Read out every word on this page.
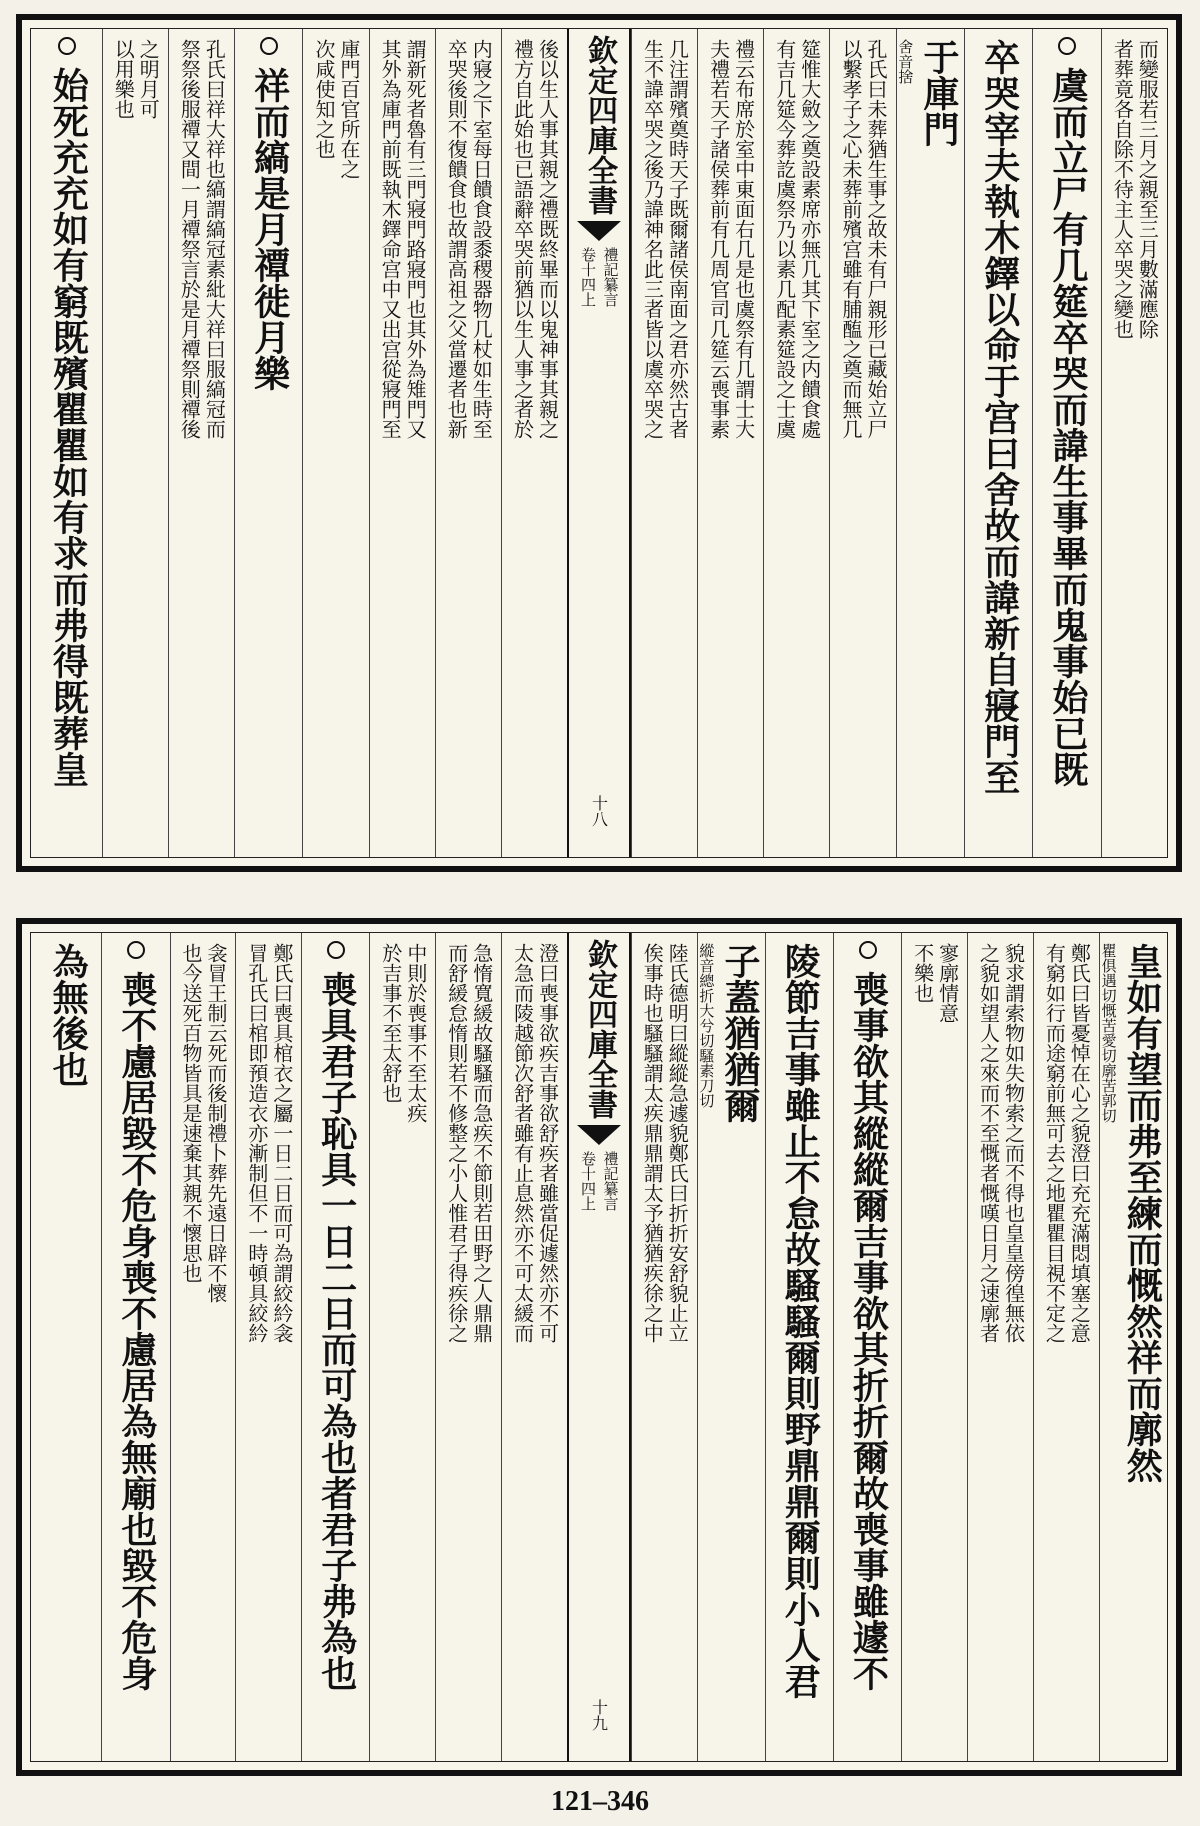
而變服若三月之親至三月數滿應除
者葬竟各自除不待主人卒哭之變也
虞而立尸有几筵卒哭而諱生事畢而鬼事始已既
卒哭宰夫執木鐸以命于宫曰舍故而諱新自寢門至
于庫門
舍音捨
孔氏曰未葬猶生事之故未有尸親形已藏始立尸
以繫孝子之心未葬前殯宫雖有脯醢之奠而無几
筵惟大斂之奠設素席亦無几其下室之内饋食處
有吉几筵今葬訖虞祭乃以素几配素筵設之士虞
禮云布席於室中東面右几是也虞祭有几謂士大
夫禮若天子諸侯葬前有几周官司几筵云喪事素
几注謂殯奠時天子既爾諸侯南面之君亦然古者
生不諱卒哭之後乃諱神名此三者皆以虞卒哭之
欽定四庫全書
禮記纂言
卷十四上
十八
後以生人事其親之禮既終畢而以鬼神事其親之
禮方自此始也已語辭卒哭前猶以生人事之者於
内寢之下室每日饋食設黍稷器物几杖如生時至
卒哭後則不復饋食也故謂高祖之父當遷者也新
謂新死者魯有三門寢門路寢門也其外為雉門又
其外為庫門前既執木鐸命宫中又出宫從寢門至
庫門百官所在之
次咸使知之也
祥而縞是月禫徙月樂
孔氏曰祥大祥也縞謂縞冠素紕大祥曰服縞冠而
祭祭後服禫又間一月禫祭言於是月禫祭則禫後
之明月可
以用樂也
始死充充如有窮既殯瞿瞿如有求而弗得既葬皇
皇如有望而弗至練而慨然祥而廓然
瞿俱遇切慨苦愛切廓苦郭切
鄭氏曰皆憂悼在心之貌澄曰充充滿悶填塞之意
有窮如行而途窮前無可去之地瞿瞿目視不定之
貌求謂索物如失物索之而不得也皇皇傍徨無依
之貌如望人之來而不至慨者慨嘆日月之速廓者
寥廓情意
不樂也
喪事欲其縱縱爾吉事欲其折折爾故喪事雖遽不
陵節吉事雖止不怠故騷騷爾則野鼎鼎爾則小人君
子蓋猶猶爾
縱音總折大兮切騷素刀切
陸氏德明曰縱縱急遽貌鄭氏曰折折安舒貌止立
俟事時也騷騷謂太疾鼎鼎謂太予猶猶疾徐之中
欽定四庫全書
禮記纂言
卷十四上
十九
澄曰喪事欲疾吉事欲舒疾者雖當促遽然亦不可
太急而陵越節次舒者雖有止息然亦不可太緩而
急惰寬緩故騷騷而急疾不節則若田野之人鼎鼎
而舒緩怠惰則若不修整之小人惟君子得疾徐之
中則於喪事不至太疾
於吉事不至太舒也
喪具君子恥具一日二日而可為也者君子弗為也
鄭氏曰喪具棺衣之屬一日二日而可為謂絞紟衾
冒孔氏曰棺即預造衣亦漸制但不一時頓具絞紟
衾冒王制云死而後制禮卜葬先遠日辟不懷
也今送死百物皆具是速棄其親不懷思也
喪不慮居毀不危身喪不慮居為無廟也毀不危身
為無後也
121–346
